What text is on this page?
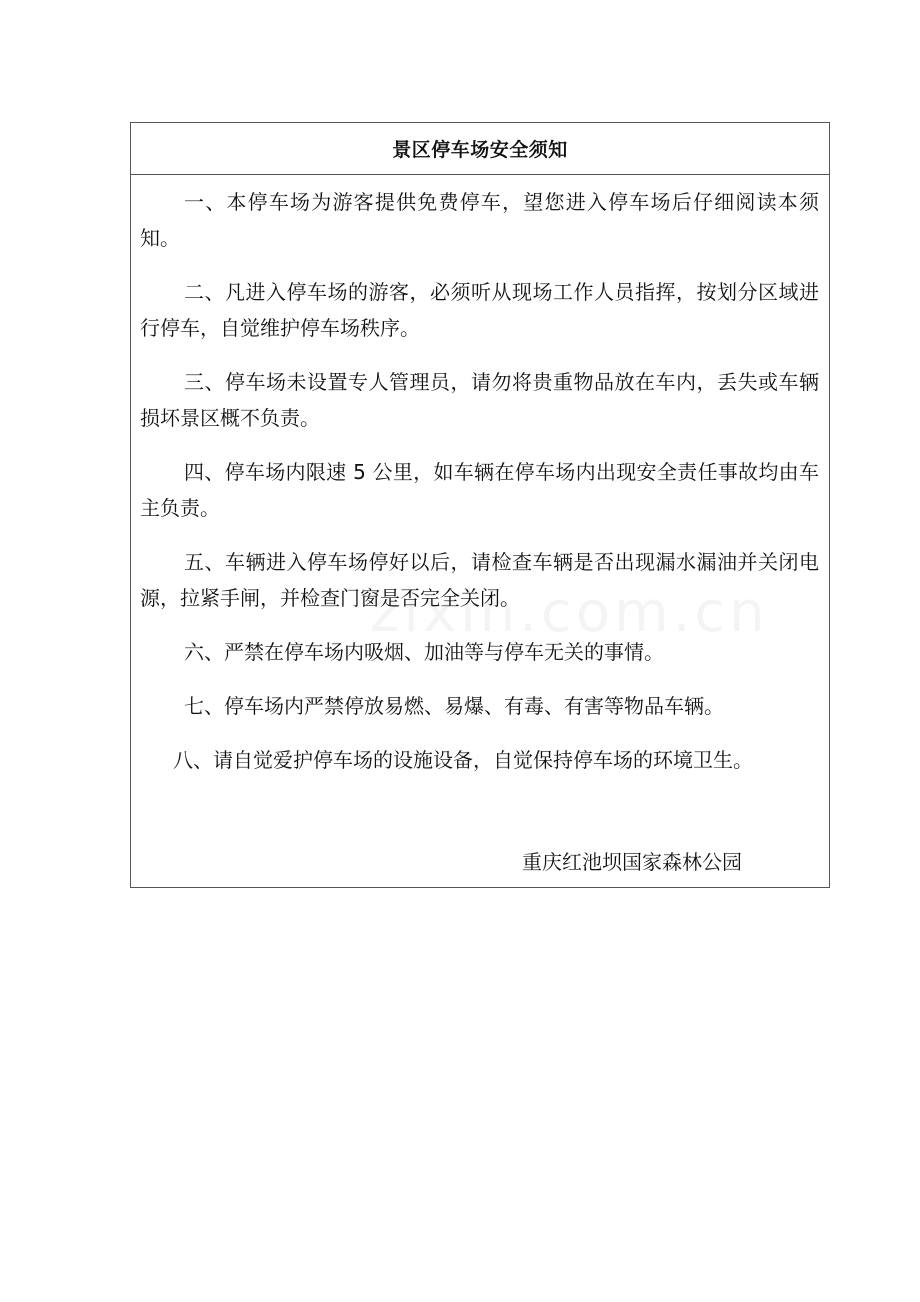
景区停车场安全须知

一、本停车场为游客提供免费停车，望您进入停车场后仔细阅读本须知。

二、凡进入停车场的游客，必须听从现场工作人员指挥，按划分区域进行停车，自觉维护停车场秩序。

三、停车场未设置专人管理员，请勿将贵重物品放在车内，丢失或车辆损坏景区概不负责。

四、停车场内限速 5 公里，如车辆在停车场内出现安全责任事故均由车主负责。

五、车辆进入停车场停好以后，请检查车辆是否出现漏水漏油并关闭电源，拉紧手闸，并检查门窗是否完全关闭。

六、严禁在停车场内吸烟、加油等与停车无关的事情。

七、停车场内严禁停放易燃、易爆、有毒、有害等物品车辆。

八、请自觉爱护停车场的设施设备，自觉保持停车场的环境卫生。

重庆红池坝国家森林公园
